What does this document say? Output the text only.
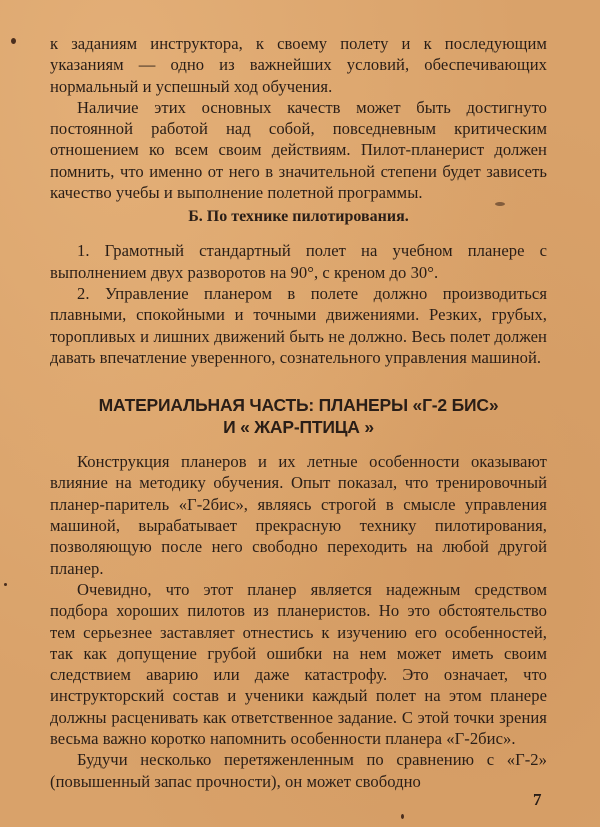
к заданиям инструктора, к своему полету и к последующим указаниям — одно из важнейших условий, обеспечивающих нормальный и успешный ход обучения.

Наличие этих основных качеств может быть достигнуто постоянной работой над собой, повседневным критическим отношением ко всем своим действиям. Пилот-планерист должен помнить, что именно от него в значительной степени будет зависеть качество учебы и выполнение полетной программы.

Б. По технике пилотирования.

1. Грамотный стандартный полет на учебном планере с выполнением двух разворотов на 90°, с креном до 30°.

2. Управление планером в полете должно производиться плавными, спокойными и точными движениями. Резких, грубых, торопливых и лишних движений быть не должно. Весь полет должен давать впечатление уверенного, сознательного управления машиной.

МАТЕРИАЛЬНАЯ ЧАСТЬ: ПЛАНЕРЫ «Г-2 БИС»
И « ЖАР-ПТИЦА »

Конструкция планеров и их летные особенности оказывают влияние на методику обучения. Опыт показал, что тренировочный планер-паритель «Г-2бис», являясь строгой в смысле управления машиной, вырабатывает прекрасную технику пилотирования, позволяющую после него свободно переходить на любой другой планер.

Очевидно, что этот планер является надежным средством подбора хороших пилотов из планеристов. Но это обстоятельство тем серьезнее заставляет отнестись к изучению его особенностей, так как допущение грубой ошибки на нем может иметь своим следствием аварию или даже катастрофу. Это означает, что инструкторский состав и ученики каждый полет на этом планере должны расценивать как ответственное задание. С этой точки зрения весьма важно коротко напомнить особенности планера «Г-2бис».

Будучи несколько перетяженленным по сравнению с «Г-2» (повышенный запас прочности), он может свободно

7
